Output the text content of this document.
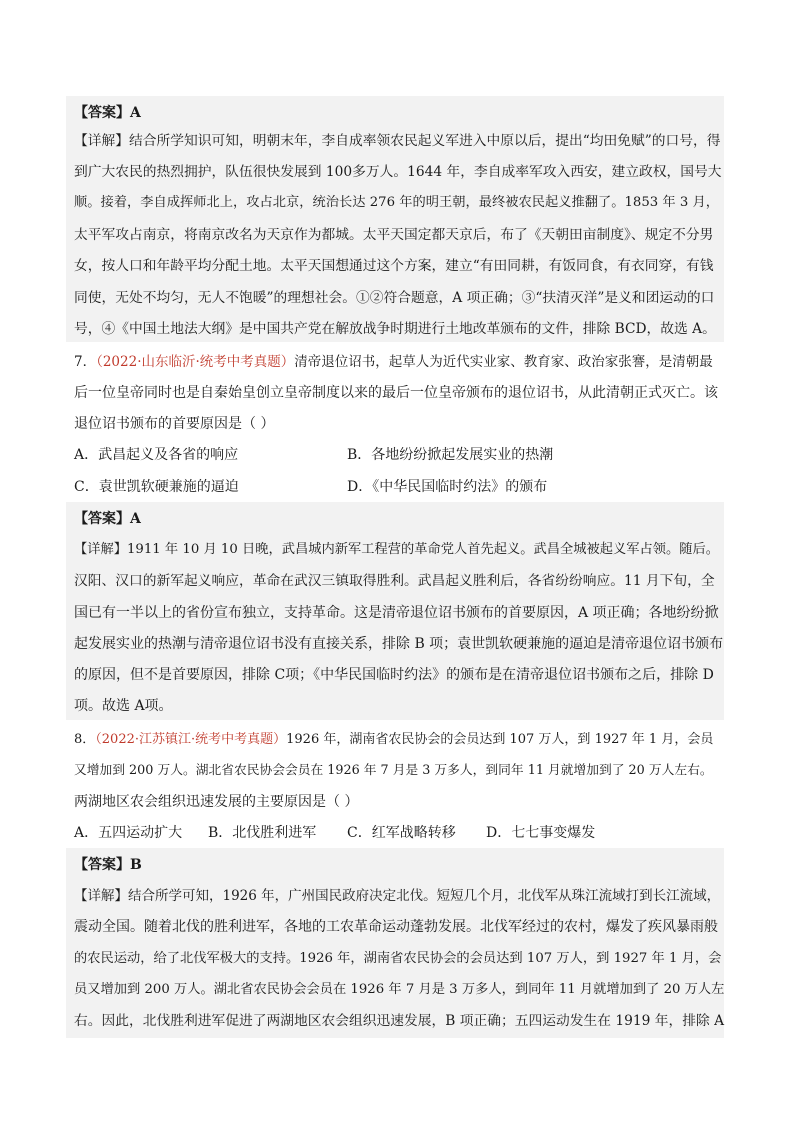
【答案】A
【详解】结合所学知识可知，明朝末年，李自成率领农民起义军进入中原以后，提出“均田免赋”的口号，得
到广大农民的热烈拥护，队伍很快发展到 100多万人。1644 年，李自成率军攻入西安，建立政权，国号大
顺。接着，李自成挥师北上，攻占北京，统治长达 276 年的明王朝，最终被农民起义推翻了。1853 年 3 月，
太平军攻占南京，将南京改名为天京作为都城。太平天国定都天京后，布了《天朝田亩制度》、规定不分男
女，按人口和年龄平均分配土地。太平天国想通过这个方案，建立“有田同耕，有饭同食，有衣同穿，有钱
同使，无处不均匀，无人不饱暖”的理想社会。①②符合题意，A 项正确；③“扶清灭洋”是义和团运动的口
号，④《中国土地法大纲》是中国共产党在解放战争时期进行土地改革颁布的文件，排除 BCD，故选 A。
7．（2022·山东临沂·统考中考真题）清帝退位诏书，起草人为近代实业家、教育家、政治家张謇，是清朝最
后一位皇帝同时也是自秦始皇创立皇帝制度以来的最后一位皇帝颁布的退位诏书，从此清朝正式灭亡。该
退位诏书颁布的首要原因是（ ）
A．武昌起义及各省的响应	B．各地纷纷掀起发展实业的热潮
C．袁世凯软硬兼施的逼迫	D．《中华民国临时约法》的颁布
【答案】A
【详解】1911 年 10 月 10 日晚，武昌城内新军工程营的革命党人首先起义。武昌全城被起义军占领。随后。
汉阳、汉口的新军起义响应，革命在武汉三镇取得胜利。武昌起义胜利后，各省纷纷响应。11 月下旬，全
国已有一半以上的省份宣布独立，支持革命。这是清帝退位诏书颁布的首要原因，A 项正确；各地纷纷掀
起发展实业的热潮与清帝退位诏书没有直接关系，排除 B 项；袁世凯软硬兼施的逼迫是清帝退位诏书颁布
的原因，但不是首要原因，排除 C项；《中华民国临时约法》的颁布是在清帝退位诏书颁布之后，排除 D
项。故选 A项。
8．（2022·江苏镇江·统考中考真题）1926 年，湖南省农民协会的会员达到 107 万人，到 1927 年 1 月，会员
又增加到 200 万人。湖北省农民协会会员在 1926 年 7 月是 3 万多人，到同年 11 月就增加到了 20 万人左右。
两湖地区农会组织迅速发展的主要原因是（ ）
A．五四运动扩大 B．北伐胜利进军 C．红军战略转移 D．七七事变爆发
【答案】B
【详解】结合所学可知，1926 年，广州国民政府决定北伐。短短几个月，北伐军从珠江流域打到长江流域，
震动全国。随着北伐的胜利进军，各地的工农革命运动蓬勃发展。北伐军经过的农村，爆发了疾风暴雨般
的农民运动，给了北伐军极大的支持。1926 年，湖南省农民协会的会员达到 107 万人，到 1927 年 1 月，会
员又增加到 200 万人。湖北省农民协会会员在 1926 年 7 月是 3 万多人，到同年 11 月就增加到了 20 万人左
右。因此，北伐胜利进军促进了两湖地区农会组织迅速发展，B 项正确；五四运动发生在 1919 年，排除 A
